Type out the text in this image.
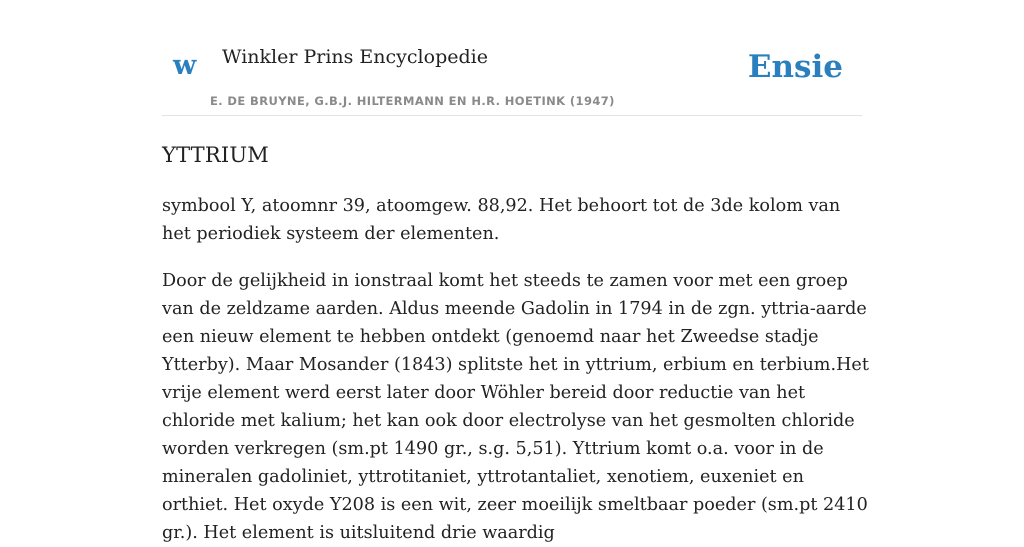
w Winkler Prins Encyclopedie
E. DE BRUYNE, G.B.J. HILTERMANN EN H.R. HOETINK (1947)
Ensie
YTTRIUM

symbool Y, atoomnr 39, atoomgew. 88,92. Het behoort tot de 3de kolom van het periodiek systeem der elementen.

Door de gelijkheid in ionstraal komt het steeds te zamen voor met een groep van de zeldzame aarden. Aldus meende Gadolin in 1794 in de zgn. yttria-aarde een nieuw element te hebben ontdekt (genoemd naar het Zweedse stadje Ytterby). Maar Mosander (1843) splitste het in yttrium, erbium en terbium.Het vrije element werd eerst later door Wöhler bereid door reductie van het chloride met kalium; het kan ook door electrolyse van het gesmolten chloride worden verkregen (sm.pt 1490 gr., s.g. 5,51). Yttrium komt o.a. voor in de mineralen gadoliniet, yttrotitaniet, yttrotantaliet, xenotiem, euxeniet en orthiet. Het oxyde Y208 is een wit, zeer moeilijk smeltbaar poeder (sm.pt 2410 gr.). Het element is uitsluitend drie waardig
